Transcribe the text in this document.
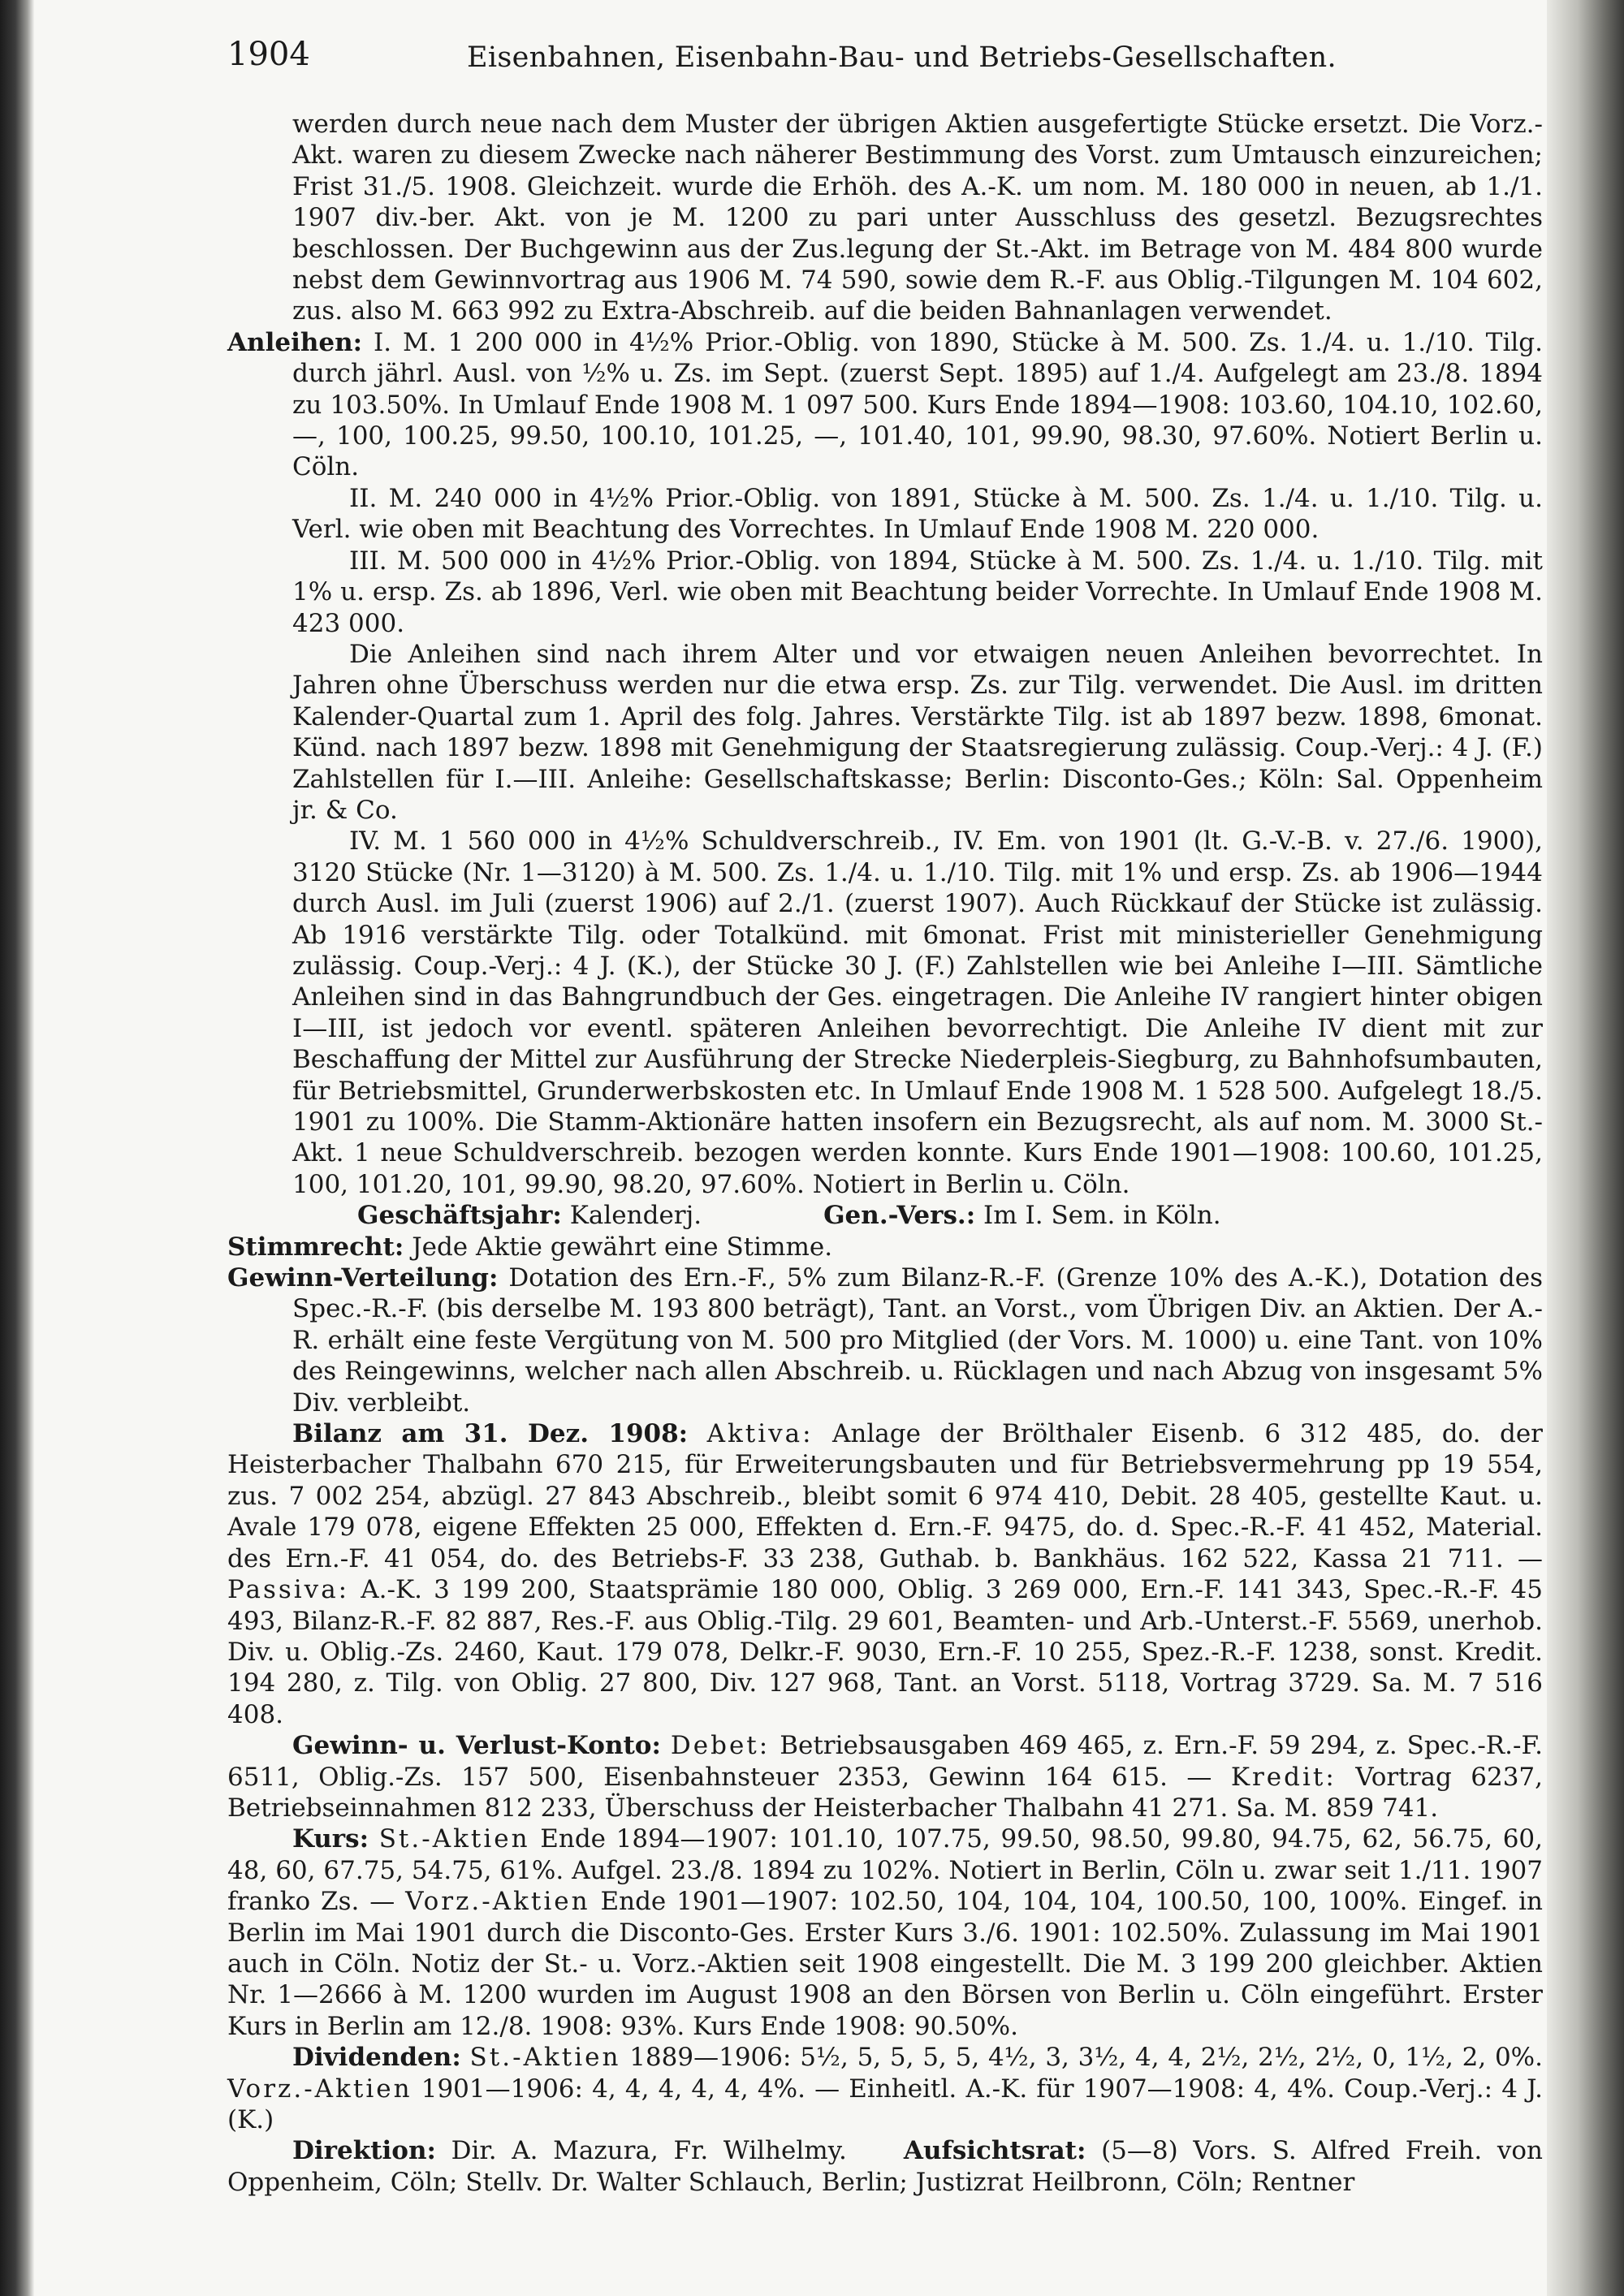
1904	Eisenbahnen, Eisenbahn-Bau- und Betriebs-Gesellschaften.

werden durch neue nach dem Muster der übrigen Aktien ausgefertigte Stücke ersetzt. Die Vorz.-Akt. waren zu diesem Zwecke nach näherer Bestimmung des Vorst. zum Umtausch einzureichen; Frist 31./5. 1908. Gleichzeit. wurde die Erhöh. des A.-K. um nom. M. 180 000 in neuen, ab 1./1. 1907 div.-ber. Akt. von je M. 1200 zu pari unter Ausschluss des gesetzl. Bezugsrechtes beschlossen. Der Buchgewinn aus der Zus.legung der St.-Akt. im Betrage von M. 484 800 wurde nebst dem Gewinnvortrag aus 1906 M. 74 590, sowie dem R.-F. aus Oblig.-Tilgungen M. 104 602, zus. also M. 663 992 zu Extra-Abschreib. auf die beiden Bahnanlagen verwendet.

Anleihen: I. M. 1 200 000 in 4½% Prior.-Oblig. von 1890, Stücke à M. 500. Zs. 1./4. u. 1./10. Tilg. durch jährl. Ausl. von ½% u. Zs. im Sept. (zuerst Sept. 1895) auf 1./4. Aufgelegt am 23./8. 1894 zu 103.50%. In Umlauf Ende 1908 M. 1 097 500. Kurs Ende 1894—1908: 103.60, 104.10, 102.60, —, 100, 100.25, 99.50, 100.10, 101.25, —, 101.40, 101, 99.90, 98.30, 97.60%. Notiert Berlin u. Cöln.

II. M. 240 000 in 4½% Prior.-Oblig. von 1891, Stücke à M. 500. Zs. 1./4. u. 1./10. Tilg. u. Verl. wie oben mit Beachtung des Vorrechtes. In Umlauf Ende 1908 M. 220 000.

III. M. 500 000 in 4½% Prior.-Oblig. von 1894, Stücke à M. 500. Zs. 1./4. u. 1./10. Tilg. mit 1% u. ersp. Zs. ab 1896, Verl. wie oben mit Beachtung beider Vorrechte. In Umlauf Ende 1908 M. 423 000.

Die Anleihen sind nach ihrem Alter und vor etwaigen neuen Anleihen bevorrechtet. In Jahren ohne Überschuss werden nur die etwa ersp. Zs. zur Tilg. verwendet. Die Ausl. im dritten Kalender-Quartal zum 1. April des folg. Jahres. Verstärkte Tilg. ist ab 1897 bezw. 1898, 6monat. Künd. nach 1897 bezw. 1898 mit Genehmigung der Staatsregierung zulässig. Coup.-Verj.: 4 J. (F.) Zahlstellen für I.—III. Anleihe: Gesellschaftskasse; Berlin: Disconto-Ges.; Köln: Sal. Oppenheim jr. & Co.

IV. M. 1 560 000 in 4½% Schuldverschreib., IV. Em. von 1901 (lt. G.-V.-B. v. 27./6. 1900), 3120 Stücke (Nr. 1—3120) à M. 500. Zs. 1./4. u. 1./10. Tilg. mit 1% und ersp. Zs. ab 1906—1944 durch Ausl. im Juli (zuerst 1906) auf 2./1. (zuerst 1907). Auch Rückkauf der Stücke ist zulässig. Ab 1916 verstärkte Tilg. oder Totalkünd. mit 6monat. Frist mit ministerieller Genehmigung zulässig. Coup.-Verj.: 4 J. (K.), der Stücke 30 J. (F.) Zahlstellen wie bei Anleihe I—III. Sämtliche Anleihen sind in das Bahngrundbuch der Ges. eingetragen. Die Anleihe IV rangiert hinter obigen I—III, ist jedoch vor eventl. späteren Anleihen bevorrechtigt. Die Anleihe IV dient mit zur Beschaffung der Mittel zur Ausführung der Strecke Niederpleis-Siegburg, zu Bahnhofsumbauten, für Betriebsmittel, Grunderwerbskosten etc. In Umlauf Ende 1908 M. 1 528 500. Aufgelegt 18./5. 1901 zu 100%. Die Stamm-Aktionäre hatten insofern ein Bezugsrecht, als auf nom. M. 3000 St.-Akt. 1 neue Schuldverschreib. bezogen werden konnte. Kurs Ende 1901—1908: 100.60, 101.25, 100, 101.20, 101, 99.90, 98.20, 97.60%. Notiert in Berlin u. Cöln.

Geschäftsjahr: Kalenderj.	Gen.-Vers.: Im I. Sem. in Köln.

Stimmrecht: Jede Aktie gewährt eine Stimme.

Gewinn-Verteilung: Dotation des Ern.-F., 5% zum Bilanz-R.-F. (Grenze 10% des A.-K.), Dotation des Spec.-R.-F. (bis derselbe M. 193 800 beträgt), Tant. an Vorst., vom Übrigen Div. an Aktien. Der A.-R. erhält eine feste Vergütung von M. 500 pro Mitglied (der Vors. M. 1000) u. eine Tant. von 10% des Reingewinns, welcher nach allen Abschreib. u. Rücklagen und nach Abzug von insgesamt 5% Div. verbleibt.

Bilanz am 31. Dez. 1908: Aktiva: Anlage der Brölthaler Eisenb. 6 312 485, do. der Heisterbacher Thalbahn 670 215, für Erweiterungsbauten und für Betriebsvermehrung pp 19 554, zus. 7 002 254, abzügl. 27 843 Abschreib., bleibt somit 6 974 410, Debit. 28 405, gestellte Kaut. u. Avale 179 078, eigene Effekten 25 000, Effekten d. Ern.-F. 9475, do. d. Spec.-R.-F. 41 452, Material. des Ern.-F. 41 054, do. des Betriebs-F. 33 238, Guthab. b. Bankhäus. 162 522, Kassa 21 711. — Passiva: A.-K. 3 199 200, Staatsprämie 180 000, Oblig. 3 269 000, Ern.-F. 141 343, Spec.-R.-F. 45 493, Bilanz-R.-F. 82 887, Res.-F. aus Oblig.-Tilg. 29 601, Beamten- und Arb.-Unterst.-F. 5569, unerhob. Div. u. Oblig.-Zs. 2460, Kaut. 179 078, Delkr.-F. 9030, Ern.-F. 10 255, Spez.-R.-F. 1238, sonst. Kredit. 194 280, z. Tilg. von Oblig. 27 800, Div. 127 968, Tant. an Vorst. 5118, Vortrag 3729. Sa. M. 7 516 408.

Gewinn- u. Verlust-Konto: Debet: Betriebsausgaben 469 465, z. Ern.-F. 59 294, z. Spec.-R.-F. 6511, Oblig.-Zs. 157 500, Eisenbahnsteuer 2353, Gewinn 164 615. — Kredit: Vortrag 6237, Betriebseinnahmen 812 233, Überschuss der Heisterbacher Thalbahn 41 271. Sa. M. 859 741.

Kurs: St.-Aktien Ende 1894—1907: 101.10, 107.75, 99.50, 98.50, 99.80, 94.75, 62, 56.75, 60, 48, 60, 67.75, 54.75, 61%. Aufgel. 23./8. 1894 zu 102%. Notiert in Berlin, Cöln u. zwar seit 1./11. 1907 franko Zs. — Vorz.-Aktien Ende 1901—1907: 102.50, 104, 104, 104, 100.50, 100, 100%. Eingef. in Berlin im Mai 1901 durch die Disconto-Ges. Erster Kurs 3./6. 1901: 102.50%. Zulassung im Mai 1901 auch in Cöln. Notiz der St.- u. Vorz.-Aktien seit 1908 eingestellt. Die M. 3 199 200 gleichber. Aktien Nr. 1—2666 à M. 1200 wurden im August 1908 an den Börsen von Berlin u. Cöln eingeführt. Erster Kurs in Berlin am 12./8. 1908: 93%. Kurs Ende 1908: 90.50%.

Dividenden: St.-Aktien 1889—1906: 5½, 5, 5, 5, 5, 4½, 3, 3½, 4, 4, 2½, 2½, 2½, 0, 1½, 2, 0%. Vorz.-Aktien 1901—1906: 4, 4, 4, 4, 4, 4%. — Einheitl. A.-K. für 1907—1908: 4, 4%. Coup.-Verj.: 4 J. (K.)

Direktion: Dir. A. Mazura, Fr. Wilhelmy. Aufsichtsrat: (5—8) Vors. S. Alfred Freih. von Oppenheim, Cöln; Stellv. Dr. Walter Schlauch, Berlin; Justizrat Heilbronn, Cöln; Rentner
